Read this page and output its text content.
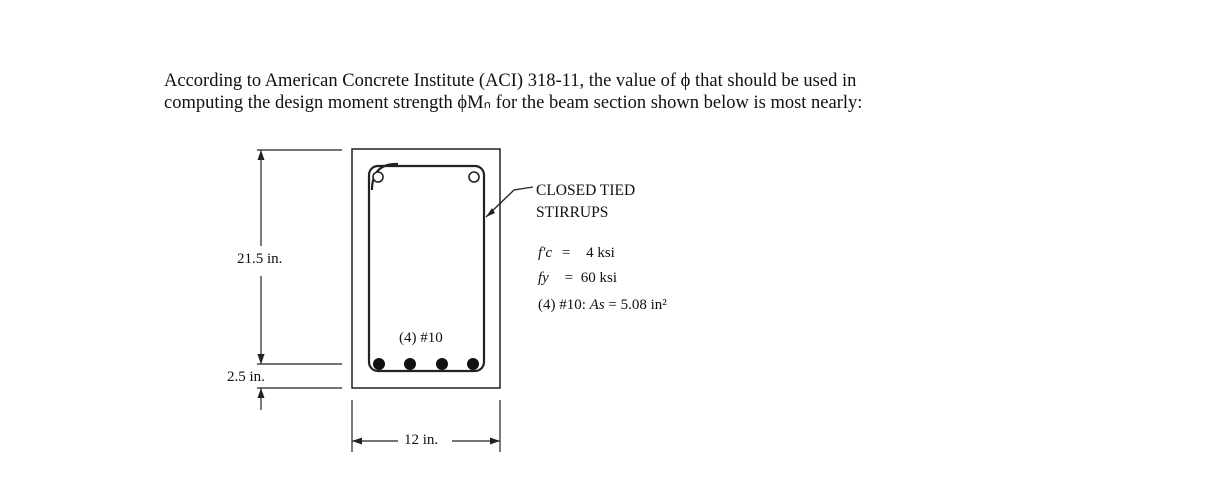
According to American Concrete Institute (ACI) 318-11, the value of ϕ that should be used in
computing the design moment strength ϕMₙ for the beam section shown below is most nearly:
21.5 in.
2.5 in.
12 in.
(4) #10
CLOSED TIED
STIRRUPS
f′c = 4 ksi
fy = 60 ksi
(4) #10: As = 5.08 in²
